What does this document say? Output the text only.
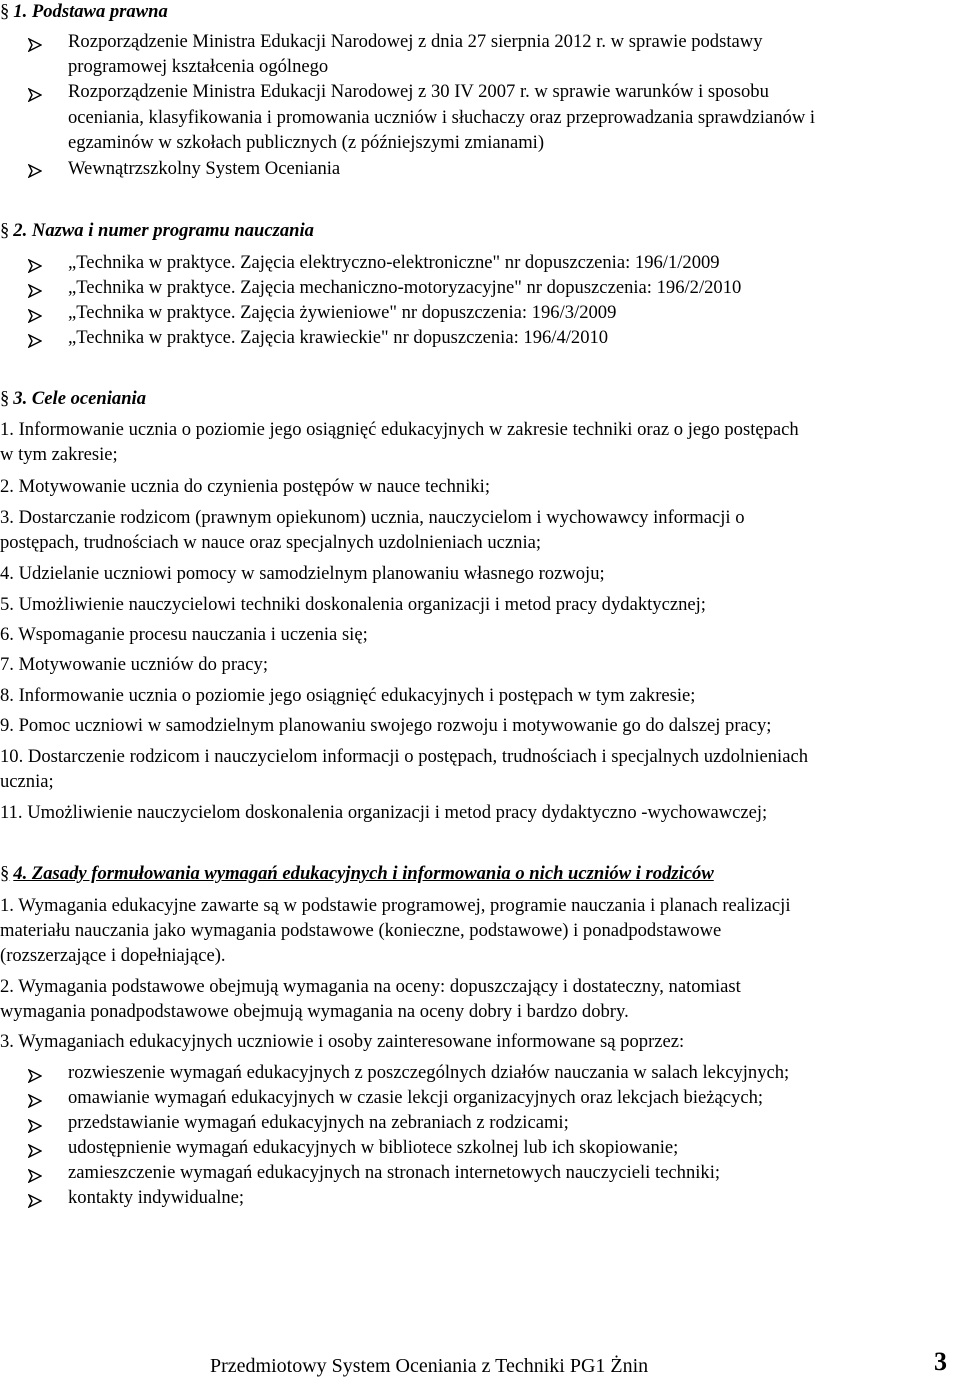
§ 1. Podstawa prawna
Rozporządzenie Ministra Edukacji Narodowej z dnia 27 sierpnia 2012 r. w sprawie podstawy
programowej kształcenia ogólnego
Rozporządzenie Ministra Edukacji Narodowej z 30 IV 2007 r. w sprawie warunków i sposobu
oceniania, klasyfikowania i promowania uczniów i słuchaczy oraz przeprowadzania sprawdzianów i
egzaminów w szkołach publicznych (z późniejszymi zmianami)
Wewnątrzszkolny System Oceniania
§ 2. Nazwa i numer programu nauczania
„Technika w praktyce. Zajęcia elektryczno-elektroniczne" nr dopuszczenia: 196/1/2009
„Technika w praktyce. Zajęcia mechaniczno-motoryzacyjne" nr dopuszczenia: 196/2/2010
„Technika w praktyce. Zajęcia żywieniowe" nr dopuszczenia: 196/3/2009
„Technika w praktyce. Zajęcia krawieckie" nr dopuszczenia: 196/4/2010
§ 3. Cele oceniania
1. Informowanie ucznia o poziomie jego osiągnięć edukacyjnych w zakresie techniki oraz o jego postępach
w tym zakresie;
2. Motywowanie ucznia do czynienia postępów w nauce techniki;
3. Dostarczanie rodzicom (prawnym opiekunom) ucznia, nauczycielom i wychowawcy informacji o
postępach, trudnościach w nauce oraz specjalnych uzdolnieniach ucznia;
4. Udzielanie uczniowi pomocy w samodzielnym planowaniu własnego rozwoju;
5. Umożliwienie nauczycielowi techniki doskonalenia organizacji i metod pracy dydaktycznej;
6. Wspomaganie procesu nauczania i uczenia się;
7. Motywowanie uczniów do pracy;
8. Informowanie ucznia o poziomie jego osiągnięć edukacyjnych i postępach w tym zakresie;
9. Pomoc uczniowi w samodzielnym planowaniu swojego rozwoju i motywowanie go do dalszej pracy;
10. Dostarczenie rodzicom i nauczycielom informacji o postępach, trudnościach i specjalnych uzdolnieniach
ucznia;
11. Umożliwienie nauczycielom doskonalenia organizacji i metod pracy dydaktyczno -wychowawczej;
§ 4. Zasady formułowania wymagań edukacyjnych i informowania o nich uczniów i rodziców
1. Wymagania edukacyjne zawarte są w podstawie programowej, programie nauczania i planach realizacji
materiału nauczania jako wymagania podstawowe (konieczne, podstawowe) i ponadpodstawowe
(rozszerzające i dopełniające).
2. Wymagania podstawowe obejmują wymagania na oceny: dopuszczający i dostateczny, natomiast
wymagania ponadpodstawowe obejmują wymagania na oceny dobry i bardzo dobry.
3. Wymaganiach edukacyjnych uczniowie i osoby zainteresowane informowane są poprzez:
rozwieszenie wymagań edukacyjnych z poszczególnych działów nauczania w salach lekcyjnych;
omawianie wymagań edukacyjnych w czasie lekcji organizacyjnych oraz lekcjach bieżących;
przedstawianie wymagań edukacyjnych na zebraniach z rodzicami;
udostępnienie wymagań edukacyjnych w bibliotece szkolnej lub ich skopiowanie;
zamieszczenie wymagań edukacyjnych na stronach internetowych nauczycieli techniki;
kontakty indywidualne;
Przedmiotowy System Oceniania z Techniki PG1 Żnin	3
